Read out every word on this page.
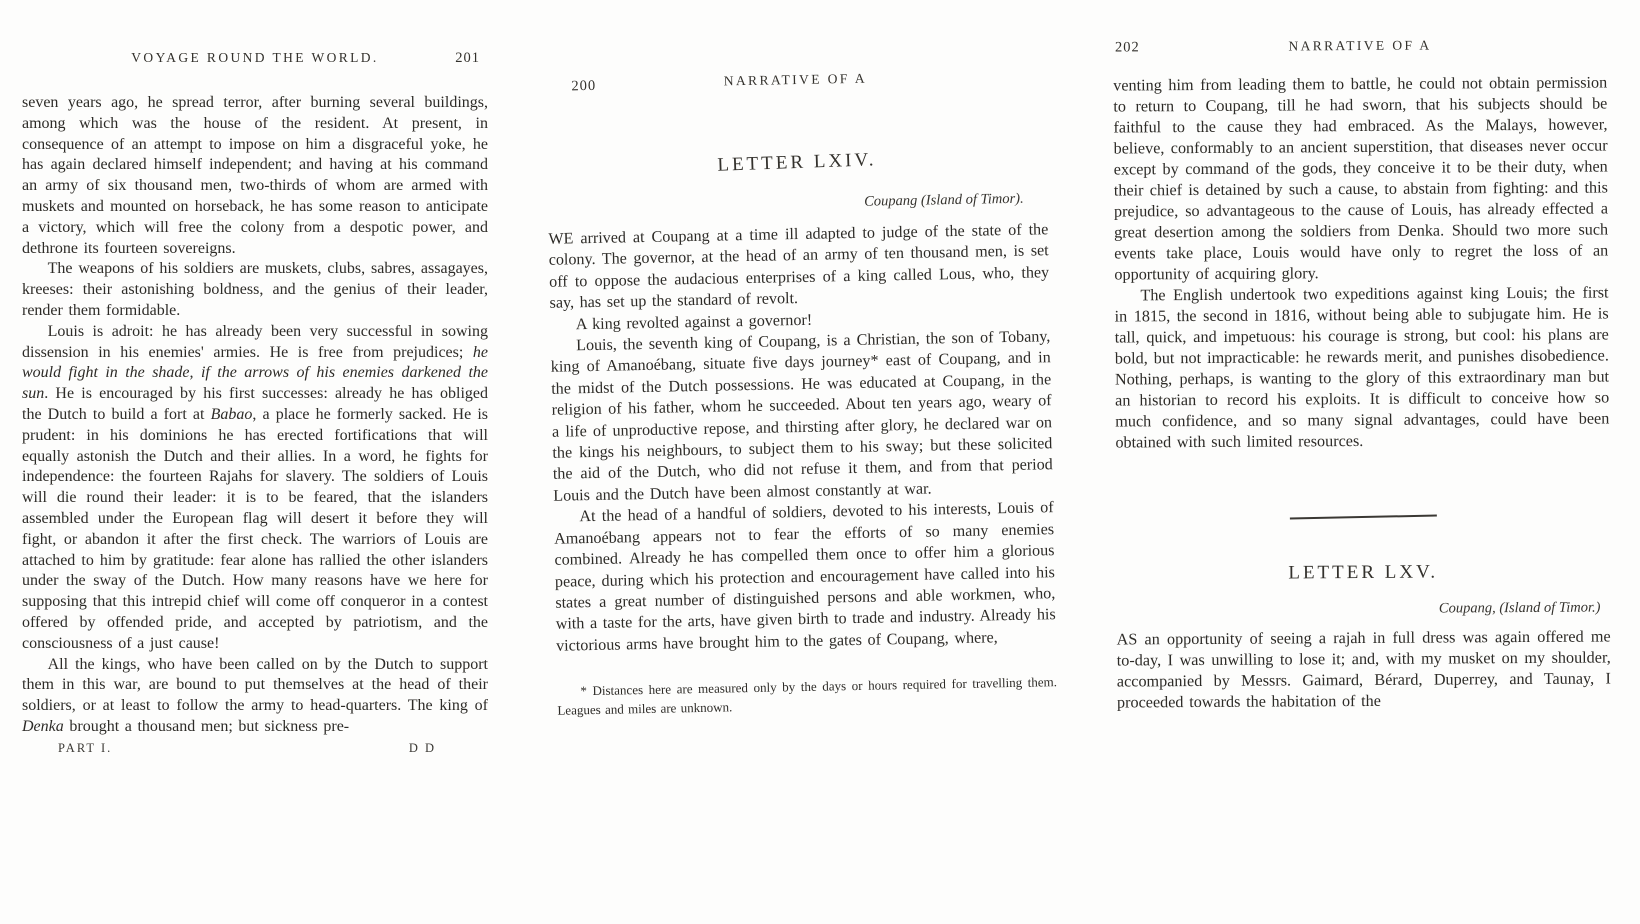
VOYAGE ROUND THE WORLD.	201

seven years ago, he spread terror, after burning several buildings, among which was the house of the resident. At present, in consequence of an attempt to impose on him a disgraceful yoke, he has again declared himself independent; and having at his command an army of six thousand men, two-thirds of whom are armed with muskets and mounted on horseback, he has some reason to anticipate a victory, which will free the colony from a despotic power, and dethrone its fourteen sovereigns.

The weapons of his soldiers are muskets, clubs, sabres, assagayes, kreeses: their astonishing boldness, and the genius of their leader, render them formidable.

Louis is adroit: he has already been very successful in sowing dissension in his enemies' armies. He is free from prejudices; he would fight in the shade, if the arrows of his enemies darkened the sun. He is encouraged by his first successes: already he has obliged the Dutch to build a fort at Babao, a place he formerly sacked. He is prudent: in his dominions he has erected fortifications that will equally astonish the Dutch and their allies. In a word, he fights for independence: the fourteen Rajahs for slavery. The soldiers of Louis will die round their leader: it is to be feared, that the islanders assembled under the European flag will desert it before they will fight, or abandon it after the first check. The warriors of Louis are attached to him by gratitude: fear alone has rallied the other islanders under the sway of the Dutch. How many reasons have we here for supposing that this intrepid chief will come off conqueror in a contest offered by offended pride, and accepted by patriotism, and the consciousness of a just cause!

All the kings, who have been called on by the Dutch to support them in this war, are bound to put themselves at the head of their soldiers, or at least to follow the army to head-quarters. The king of Denka brought a thousand men; but sickness pre-

PART I.	D D
200	NARRATIVE OF A
LETTER LXIV.
Coupang (Island of Timor).

WE arrived at Coupang at a time ill adapted to judge of the state of the colony. The governor, at the head of an army of ten thousand men, is set off to oppose the audacious enterprises of a king called Lous, who, they say, has set up the standard of revolt.

A king revolted against a governor!

Louis, the seventh king of Coupang, is a Christian, the son of Tobany, king of Amanoébang, situate five days journey* east of Coupang, and in the midst of the Dutch possessions. He was educated at Coupang, in the religion of his father, whom he succeeded. About ten years ago, weary of a life of unproductive repose, and thirsting after glory, he declared war on the kings his neighbours, to subject them to his sway; but these solicited the aid of the Dutch, who did not refuse it them, and from that period Louis and the Dutch have been almost constantly at war.

At the head of a handful of soldiers, devoted to his interests, Louis of Amanoébang appears not to fear the efforts of so many enemies combined. Already he has compelled them once to offer him a glorious peace, during which his protection and encouragement have called into his states a great number of distinguished persons and able workmen, who, with a taste for the arts, have given birth to trade and industry. Already his victorious arms have brought him to the gates of Coupang, where,

* Distances here are measured only by the days or hours required for travelling them. Leagues and miles are unknown.
202	NARRATIVE OF A

venting him from leading them to battle, he could not obtain permission to return to Coupang, till he had sworn, that his subjects should be faithful to the cause they had embraced. As the Malays, however, believe, conformably to an ancient superstition, that diseases never occur except by command of the gods, they conceive it to be their duty, when their chief is detained by such a cause, to abstain from fighting: and this prejudice, so advantageous to the cause of Louis, has already effected a great desertion among the soldiers from Denka. Should two more such events take place, Louis would have only to regret the loss of an opportunity of acquiring glory.

The English undertook two expeditions against king Louis; the first in 1815, the second in 1816, without being able to subjugate him. He is tall, quick, and impetuous: his courage is strong, but cool: his plans are bold, but not impracticable: he rewards merit, and punishes disobedience. Nothing, perhaps, is wanting to the glory of this extraordinary man but an historian to record his exploits. It is difficult to conceive how so much confidence, and so many signal advantages, could have been obtained with such limited resources.

LETTER LXV.
Coupang, (Island of Timor.)

AS an opportunity of seeing a rajah in full dress was again offered me to-day, I was unwilling to lose it; and, with my musket on my shoulder, accompanied by Messrs. Gaimard, Bérard, Duperrey, and Taunay, I proceeded towards the habitation of the
